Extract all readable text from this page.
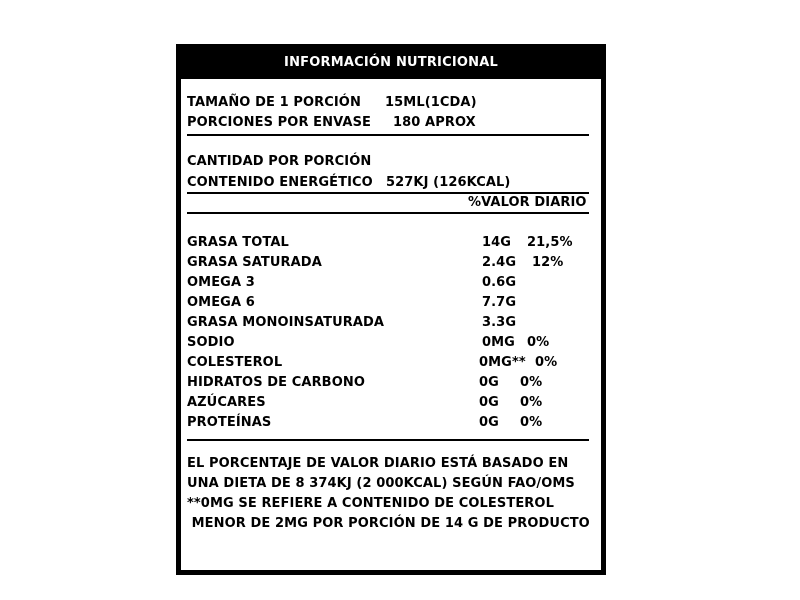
INFORMACIÓN NUTRICIONAL
TAMAÑO DE 1 PORCIÓN 15ML(1CDA)
PORCIONES POR ENVASE 180 APROX
CANTIDAD POR PORCIÓN
CONTENIDO ENERGÉTICO 527KJ (126KCAL)
%VALOR DIARIO
GRASA TOTAL	14G 21,5%
GRASA SATURADA	2.4G 12%
OMEGA 3	0.6G
OMEGA 6	7.7G
GRASA MONOINSATURADA	3.3G
SODIO	0MG 0%
COLESTEROL	0MG** 0%
HIDRATOS DE CARBONO	0G 0%
AZÚCARES	0G 0%
PROTEÍNAS	0G 0%
EL PORCENTAJE DE VALOR DIARIO ESTÁ BASADO EN
UNA DIETA DE 8 374KJ (2 000KCAL) SEGÚN FAO/OMS
**0MG SE REFIERE A CONTENIDO DE COLESTEROL
MENOR DE 2MG POR PORCIÓN DE 14 G DE PRODUCTO
